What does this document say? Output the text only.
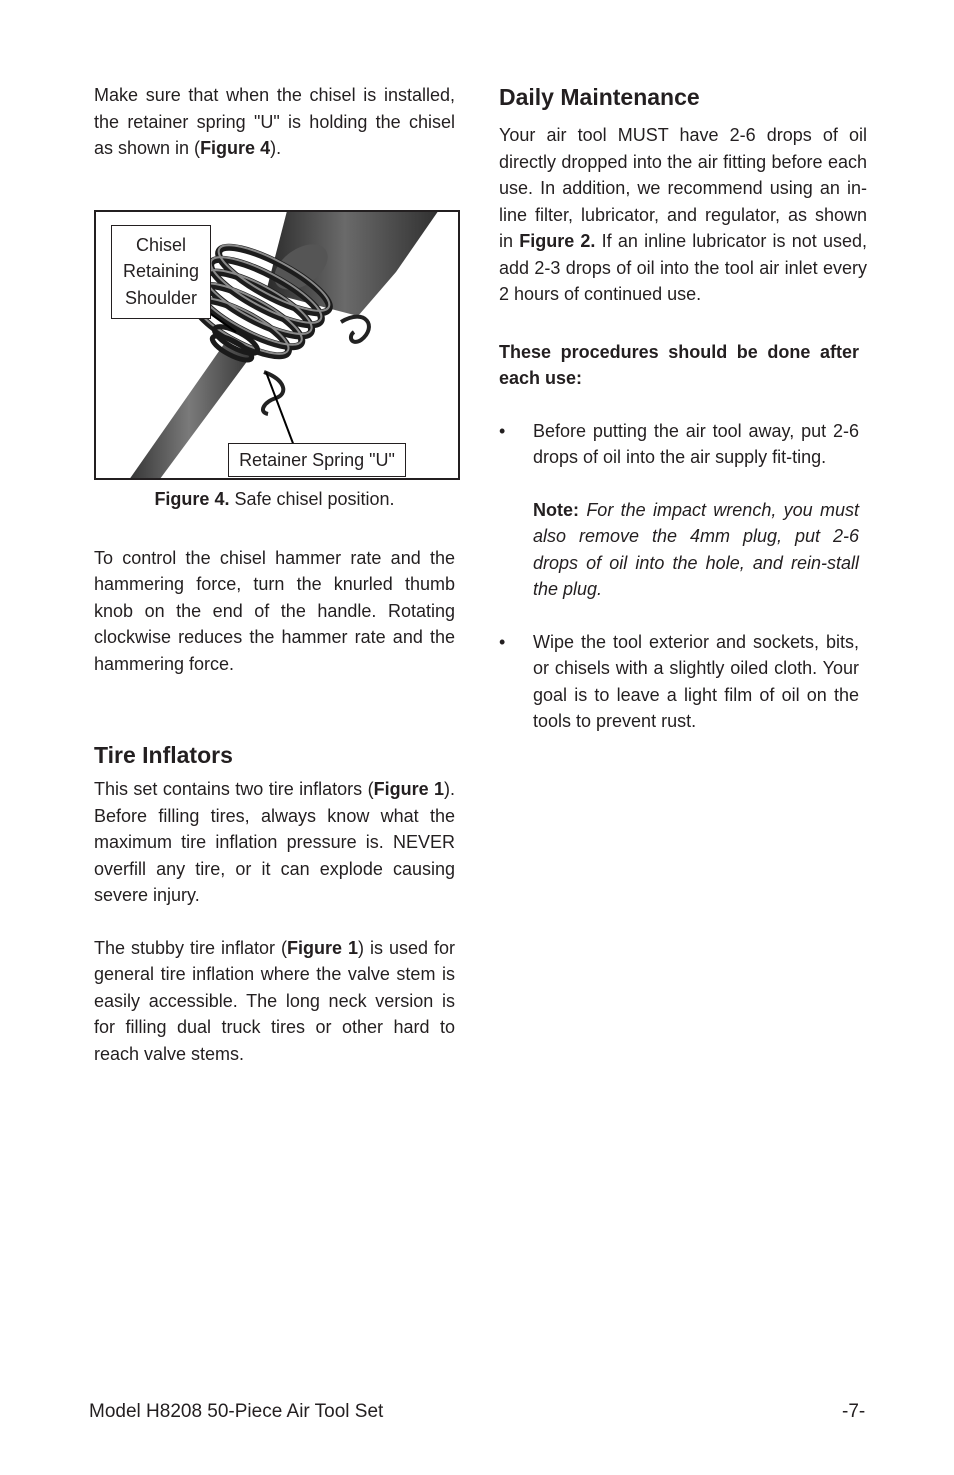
Make sure that when the chisel is installed, the retainer spring "U" is holding the chisel as shown in (Figure 4).

Chisel
Retaining
Shoulder
Retainer Spring "U"
Figure 4. Safe chisel position.

To control the chisel hammer rate and the hammering force, turn the knurled thumb knob on the end of the handle. Rotating clockwise reduces the hammer rate and the hammering force.

Tire Inflators

This set contains two tire inflators (Figure 1). Before filling tires, always know what the maximum tire inflation pressure is. NEVER overfill any tire, or it can explode causing severe injury.

The stubby tire inflator (Figure 1) is used for general tire inflation where the valve stem is easily accessible. The long neck version is for filling dual truck tires or other hard to reach valve stems.

Daily Maintenance

Your air tool MUST have 2-6 drops of oil directly dropped into the air fitting before each use. In addition, we recommend using an in-line filter, lubricator, and regulator, as shown in Figure 2. If an inline lubricator is not used, add 2-3 drops of oil into the tool air inlet every 2 hours of continued use.

These procedures should be done after each use:

• Before putting the air tool away, put 2-6 drops of oil into the air supply fit-ting.

Note: For the impact wrench, you must also remove the 4mm plug, put 2-6 drops of oil into the hole, and rein-stall the plug.

• Wipe the tool exterior and sockets, bits, or chisels with a slightly oiled cloth. Your goal is to leave a light film of oil on the tools to prevent rust.

Model H8208 50-Piece Air Tool Set	-7-
